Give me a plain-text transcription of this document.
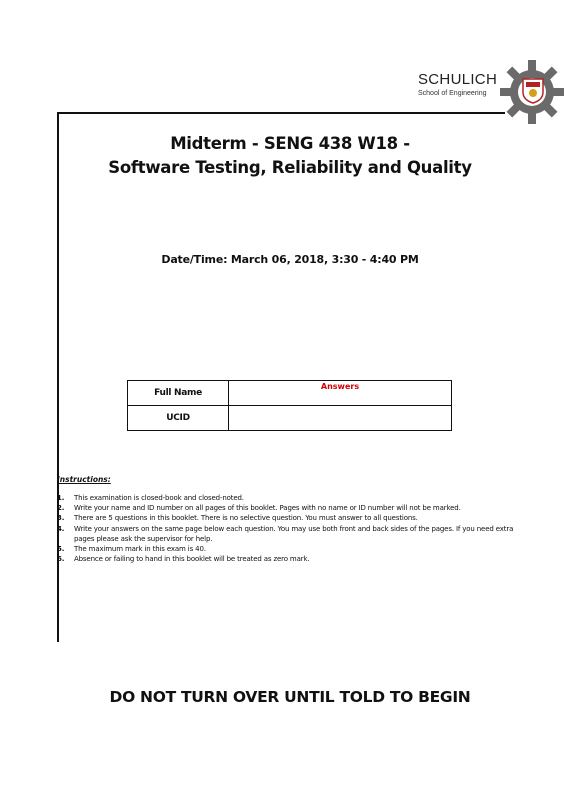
SCHULICH
School of Engineering
Midterm - SENG 438 W18 -
Software Testing, Reliability and Quality
Date/Time: March 06, 2018, 3:30 - 4:40 PM
Full Name	Answers
UCID	
Instructions:
1. This examination is closed-book and closed-noted.
2. Write your name and ID number on all pages of this booklet. Pages with no name or ID number will not be marked.
3. There are 5 questions in this booklet. There is no selective question. You must answer to all questions.
4. Write your answers on the same page below each question. You may use both front and back sides of the pages. If you need extra pages please ask the supervisor for help.
5. The maximum mark in this exam is 40.
6. Absence or failing to hand in this booklet will be treated as zero mark.
DO NOT TURN OVER UNTIL TOLD TO BEGIN
